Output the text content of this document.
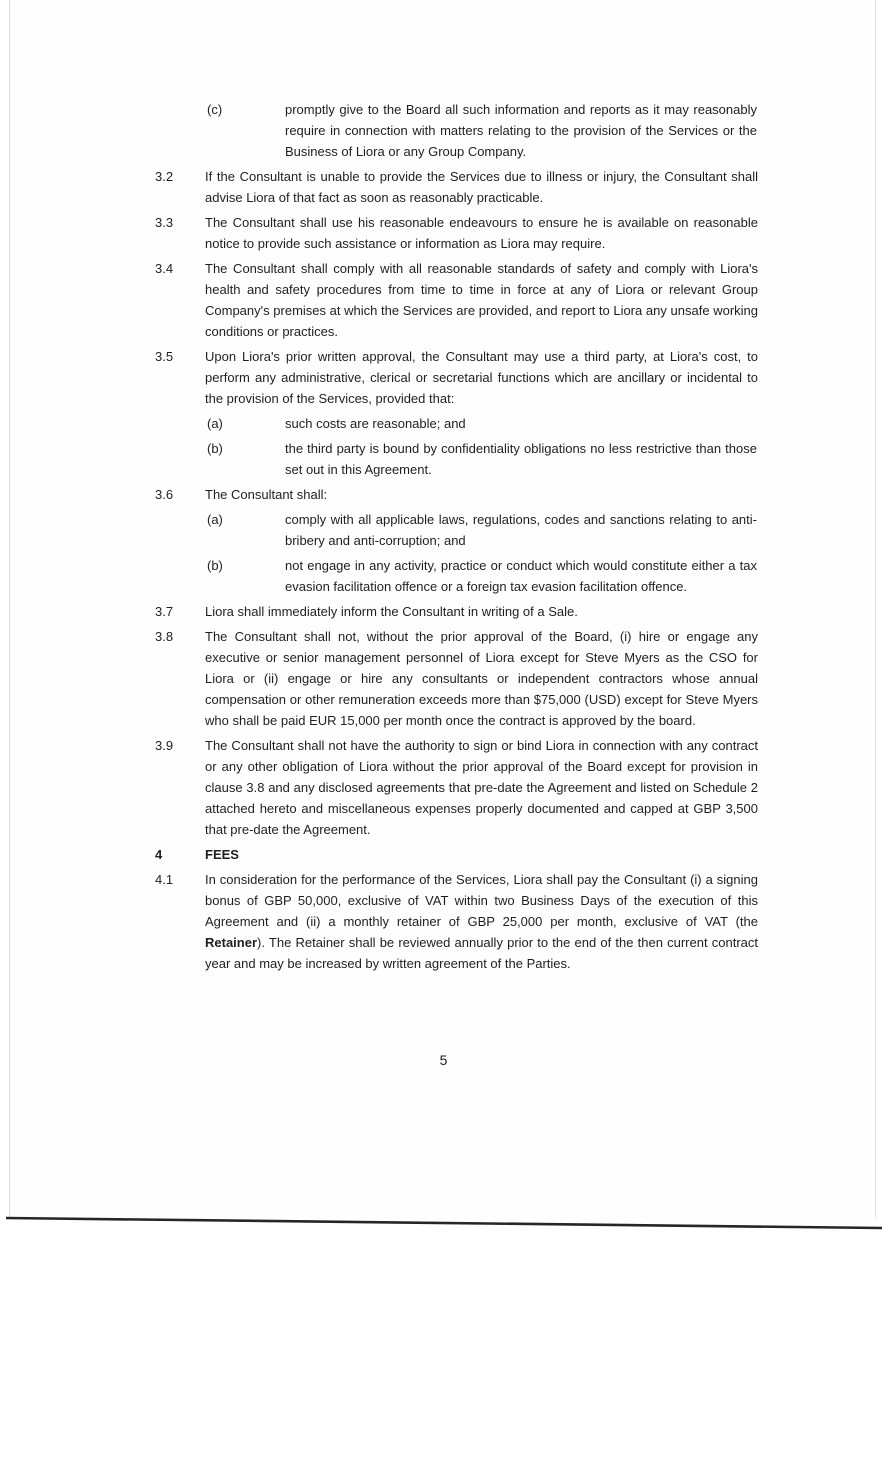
(c)	promptly give to the Board all such information and reports as it may reasonably require in connection with matters relating to the provision of the Services or the Business of Liora or any Group Company.
3.2	If the Consultant is unable to provide the Services due to illness or injury, the Consultant shall advise Liora of that fact as soon as reasonably practicable.
3.3	The Consultant shall use his reasonable endeavours to ensure he is available on reasonable notice to provide such assistance or information as Liora may require.
3.4	The Consultant shall comply with all reasonable standards of safety and comply with Liora's health and safety procedures from time to time in force at any of Liora or relevant Group Company's premises at which the Services are provided, and report to Liora any unsafe working conditions or practices.
3.5	Upon Liora's prior written approval, the Consultant may use a third party, at Liora's cost, to perform any administrative, clerical or secretarial functions which are ancillary or incidental to the provision of the Services, provided that:
(a)	such costs are reasonable; and
(b)	the third party is bound by confidentiality obligations no less restrictive than those set out in this Agreement.
3.6	The Consultant shall:
(a)	comply with all applicable laws, regulations, codes and sanctions relating to anti-bribery and anti-corruption; and
(b)	not engage in any activity, practice or conduct which would constitute either a tax evasion facilitation offence or a foreign tax evasion facilitation offence.
3.7	Liora shall immediately inform the Consultant in writing of a Sale.
3.8	The Consultant shall not, without the prior approval of the Board, (i) hire or engage any executive or senior management personnel of Liora except for Steve Myers as the CSO for Liora or (ii) engage or hire any consultants or independent contractors whose annual compensation or other remuneration exceeds more than $75,000 (USD) except for Steve Myers who shall be paid EUR 15,000 per month once the contract is approved by the board.
3.9	The Consultant shall not have the authority to sign or bind Liora in connection with any contract or any other obligation of Liora without the prior approval of the Board except for provision in clause 3.8 and any disclosed agreements that pre-date the Agreement and listed on Schedule 2 attached hereto and miscellaneous expenses properly documented and capped at GBP 3,500 that pre-date the Agreement.
4	FEES
4.1	In consideration for the performance of the Services, Liora shall pay the Consultant (i) a signing bonus of GBP 50,000, exclusive of VAT within two Business Days of the execution of this Agreement and (ii) a monthly retainer of GBP 25,000 per month, exclusive of VAT (the Retainer). The Retainer shall be reviewed annually prior to the end of the then current contract year and may be increased by written agreement of the Parties.
5
